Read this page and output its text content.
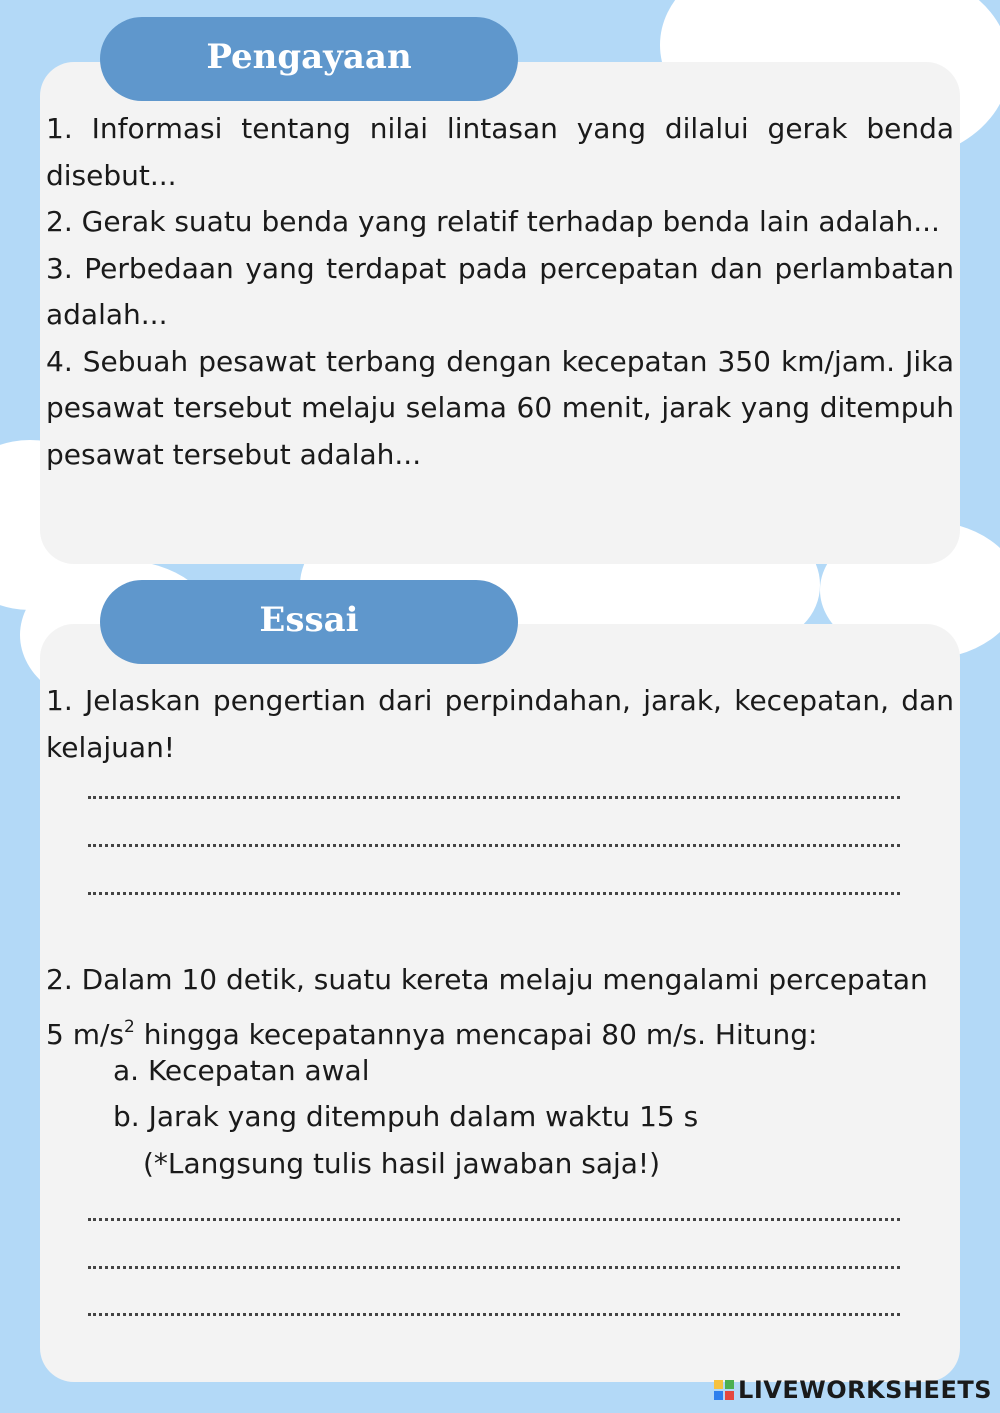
Pengayaan

1. Informasi tentang nilai lintasan yang dilalui gerak benda disebut...

2. Gerak suatu benda yang relatif terhadap benda lain adalah...

3. Perbedaan yang terdapat pada percepatan dan perlambatan adalah...

4. Sebuah pesawat terbang dengan kecepatan 350 km/jam. Jika pesawat tersebut melaju selama 60 menit, jarak yang ditempuh pesawat tersebut adalah...

Essai

1. Jelaskan pengertian dari perpindahan, jarak, kecepatan, dan kelajuan!

2. Dalam 10 detik, suatu kereta melaju mengalami percepatan

5 $m/s^2$ hingga kecepatannya mencapai 80 m/s. Hitung:

a. Kecepatan awal
b. Jarak yang ditempuh dalam waktu 15 s
(*Langsung tulis hasil jawaban saja!)
LIVEWORKSHEETS
